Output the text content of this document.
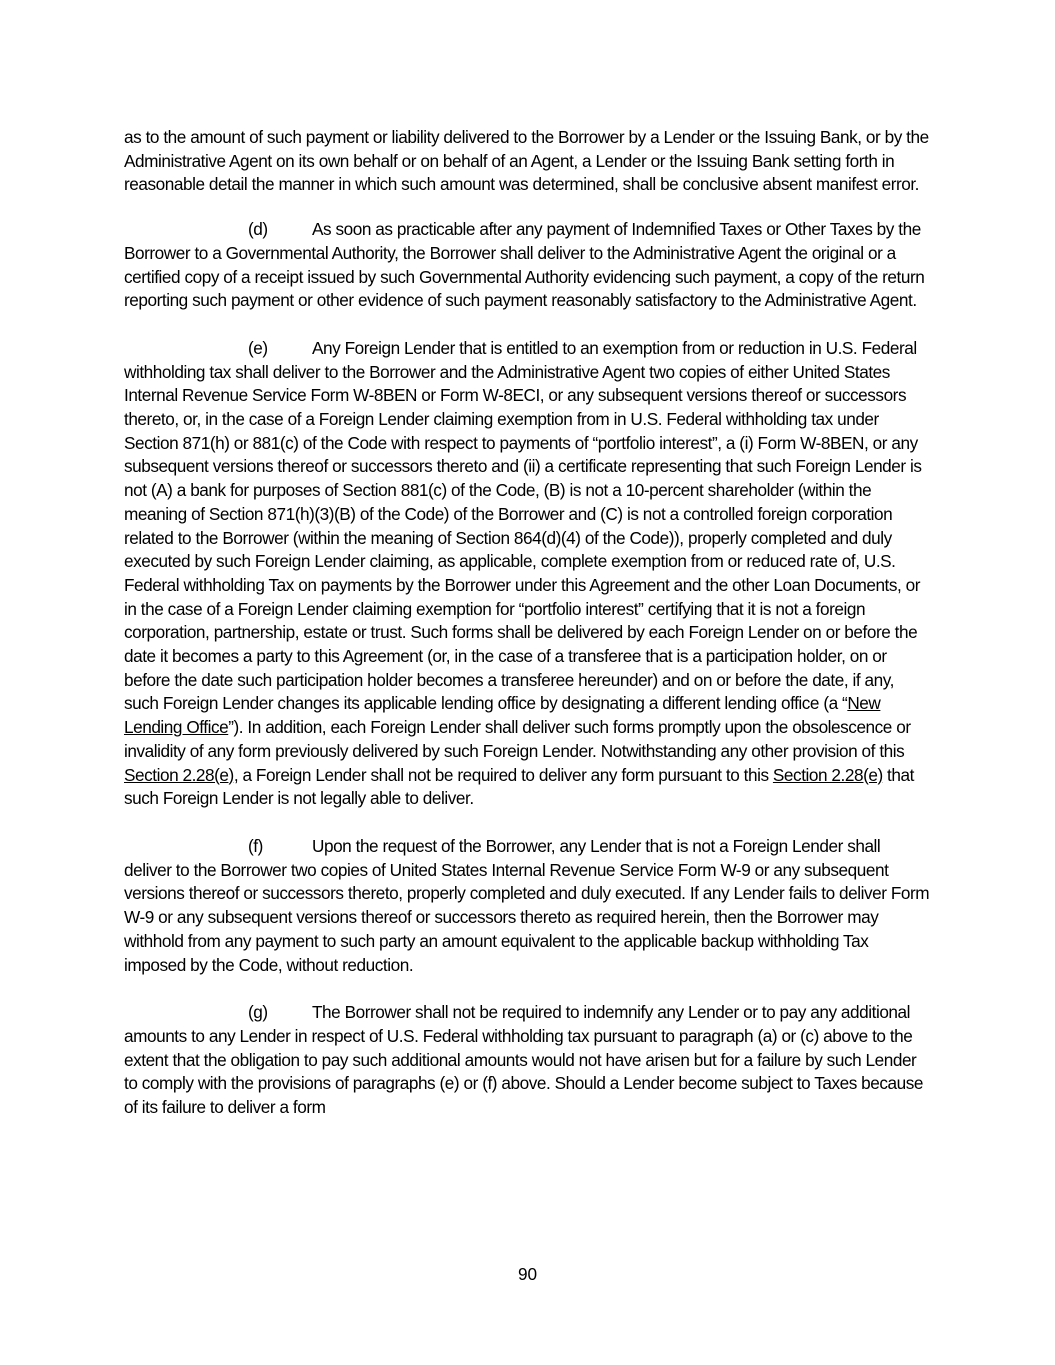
as to the amount of such payment or liability delivered to the Borrower by a Lender or the Issuing Bank, or by the Administrative Agent on its own behalf or on behalf of an Agent, a Lender or the Issuing Bank setting forth in reasonable detail the manner in which such amount was determined, shall be conclusive absent manifest error.

(d)	As soon as practicable after any payment of Indemnified Taxes or Other Taxes by the Borrower to a Governmental Authority, the Borrower shall deliver to the Administrative Agent the original or a certified copy of a receipt issued by such Governmental Authority evidencing such payment, a copy of the return reporting such payment or other evidence of such payment reasonably satisfactory to the Administrative Agent.

(e)	Any Foreign Lender that is entitled to an exemption from or reduction in U.S. Federal withholding tax shall deliver to the Borrower and the Administrative Agent two copies of either United States Internal Revenue Service Form W-8BEN or Form W-8ECI, or any subsequent versions thereof or successors thereto, or, in the case of a Foreign Lender claiming exemption from in U.S. Federal withholding tax under Section 871(h) or 881(c) of the Code with respect to payments of “portfolio interest”, a (i) Form W-8BEN, or any subsequent versions thereof or successors thereto and (ii) a certificate representing that such Foreign Lender is not (A) a bank for purposes of Section 881(c) of the Code, (B) is not a 10-percent shareholder (within the meaning of Section 871(h)(3)(B) of the Code) of the Borrower and (C) is not a controlled foreign corporation related to the Borrower (within the meaning of Section 864(d)(4) of the Code)), properly completed and duly executed by such Foreign Lender claiming, as applicable, complete exemption from or reduced rate of, U.S. Federal withholding Tax on payments by the Borrower under this Agreement and the other Loan Documents, or in the case of a Foreign Lender claiming exemption for “portfolio interest” certifying that it is not a foreign corporation, partnership, estate or trust. Such forms shall be delivered by each Foreign Lender on or before the date it becomes a party to this Agreement (or, in the case of a transferee that is a participation holder, on or before the date such participation holder becomes a transferee hereunder) and on or before the date, if any, such Foreign Lender changes its applicable lending office by designating a different lending office (a “New Lending Office”). In addition, each Foreign Lender shall deliver such forms promptly upon the obsolescence or invalidity of any form previously delivered by such Foreign Lender. Notwithstanding any other provision of this Section 2.28(e), a Foreign Lender shall not be required to deliver any form pursuant to this Section 2.28(e) that such Foreign Lender is not legally able to deliver.

(f)	Upon the request of the Borrower, any Lender that is not a Foreign Lender shall deliver to the Borrower two copies of United States Internal Revenue Service Form W-9 or any subsequent versions thereof or successors thereto, properly completed and duly executed. If any Lender fails to deliver Form W-9 or any subsequent versions thereof or successors thereto as required herein, then the Borrower may withhold from any payment to such party an amount equivalent to the applicable backup withholding Tax imposed by the Code, without reduction.

(g)	The Borrower shall not be required to indemnify any Lender or to pay any additional amounts to any Lender in respect of U.S. Federal withholding tax pursuant to paragraph (a) or (c) above to the extent that the obligation to pay such additional amounts would not have arisen but for a failure by such Lender to comply with the provisions of paragraphs (e) or (f) above. Should a Lender become subject to Taxes because of its failure to deliver a form

90
